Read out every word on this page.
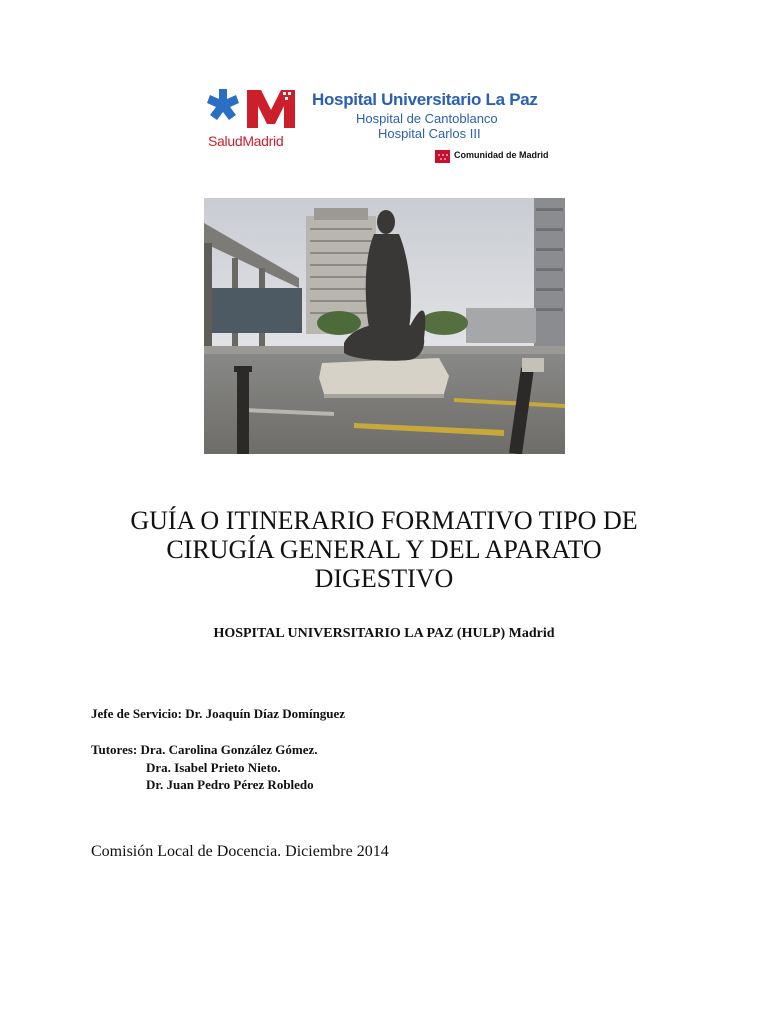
SaludMadrid
Hospital Universitario La Paz
Hospital de Cantoblanco
Hospital Carlos III
Comunidad de Madrid
GUÍA O ITINERARIO FORMATIVO TIPO DE
CIRUGÍA GENERAL Y DEL APARATO
DIGESTIVO
HOSPITAL UNIVERSITARIO LA PAZ (HULP) Madrid
Jefe de Servicio: Dr. Joaquín Díaz Domínguez
Tutores: Dra. Carolina González Gómez.
Dra. Isabel Prieto Nieto.
Dr. Juan Pedro Pérez Robledo
Comisión Local de Docencia. Diciembre 2014
